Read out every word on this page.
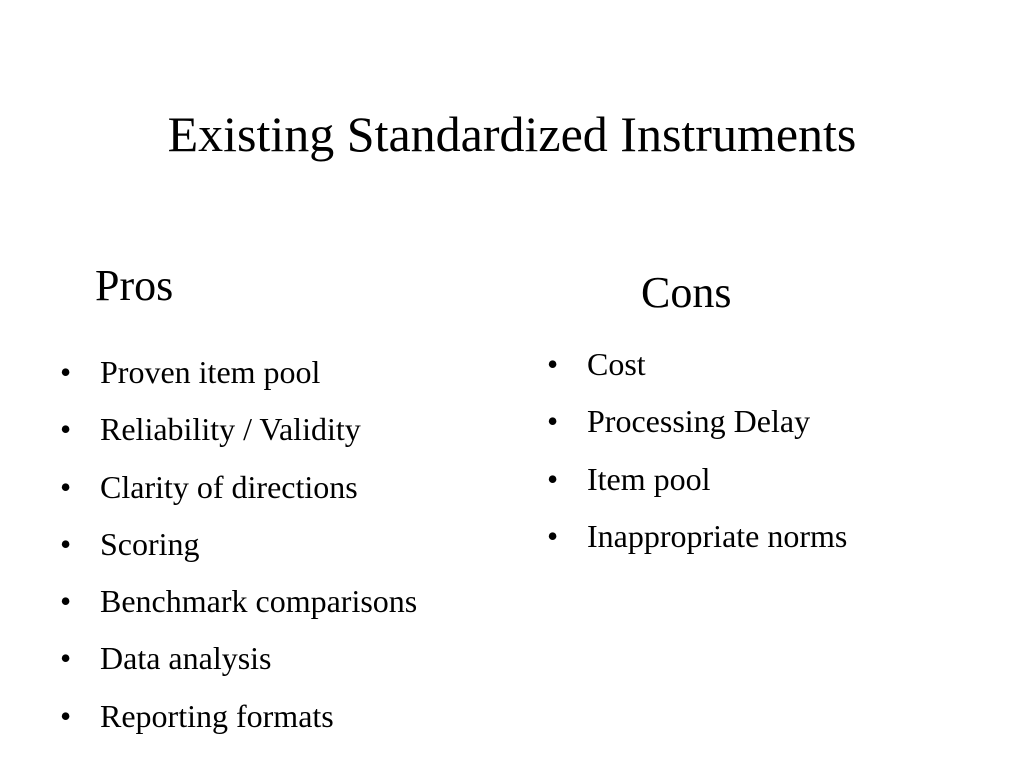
Existing Standardized Instruments
Pros	Cons
• Proven item pool
• Reliability / Validity
• Clarity of directions
• Scoring
• Benchmark comparisons
• Data analysis
• Reporting formats
• Cost
• Processing Delay
• Item pool
• Inappropriate norms
